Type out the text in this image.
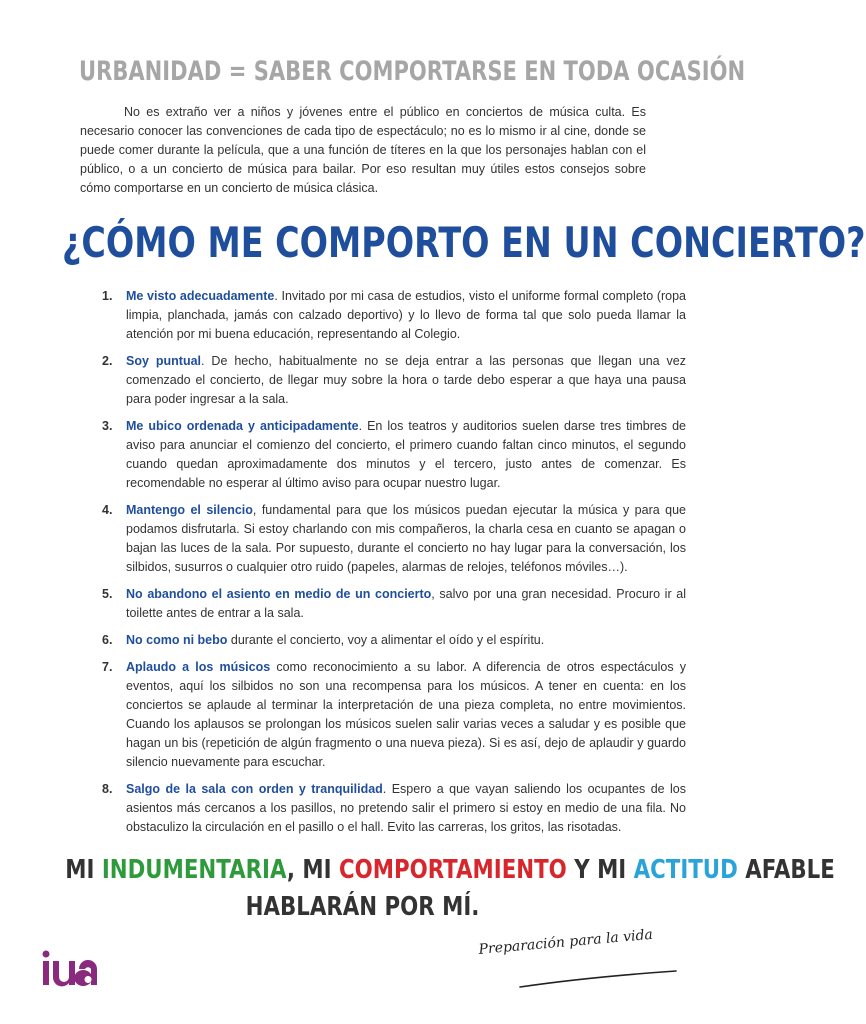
URBANIDAD = SABER COMPORTARSE EN TODA OCASIÓN

No es extraño ver a niños y jóvenes entre el público en conciertos de música culta. Es necesario conocer las convenciones de cada tipo de espectáculo; no es lo mismo ir al cine, donde se puede comer durante la película, que a una función de títeres en la que los personajes hablan con el público, o a un concierto de música para bailar. Por eso resultan muy útiles estos consejos sobre cómo comportarse en un concierto de música clásica.

¿CÓMO ME COMPORTO EN UN CONCIERTO?
1. Me visto adecuadamente. Invitado por mi casa de estudios, visto el uniforme formal completo (ropa limpia, planchada, jamás con calzado deportivo) y lo llevo de forma tal que solo pueda llamar la atención por mi buena educación, representando al Colegio.
2. Soy puntual. De hecho, habitualmente no se deja entrar a las personas que llegan una vez comenzado el concierto, de llegar muy sobre la hora o tarde debo esperar a que haya una pausa para poder ingresar a la sala.
3. Me ubico ordenada y anticipadamente. En los teatros y auditorios suelen darse tres timbres de aviso para anunciar el comienzo del concierto, el primero cuando faltan cinco minutos, el segundo cuando quedan aproximadamente dos minutos y el tercero, justo antes de comenzar. Es recomendable no esperar al último aviso para ocupar nuestro lugar.
4. Mantengo el silencio, fundamental para que los músicos puedan ejecutar la música y para que podamos disfrutarla. Si estoy charlando con mis compañeros, la charla cesa en cuanto se apagan o bajan las luces de la sala. Por supuesto, durante el concierto no hay lugar para la conversación, los silbidos, susurros o cualquier otro ruido (papeles, alarmas de relojes, teléfonos móviles…).
5. No abandono el asiento en medio de un concierto, salvo por una gran necesidad. Procuro ir al toilette antes de entrar a la sala.
6. No como ni bebo durante el concierto, voy a alimentar el oído y el espíritu.
7. Aplaudo a los músicos como reconocimiento a su labor. A diferencia de otros espectáculos y eventos, aquí los silbidos no son una recompensa para los músicos. A tener en cuenta: en los conciertos se aplaude al terminar la interpretación de una pieza completa, no entre movimientos. Cuando los aplausos se prolongan los músicos suelen salir varias veces a saludar y es posible que hagan un bis (repetición de algún fragmento o una nueva pieza). Si es así, dejo de aplaudir y guardo silencio nuevamente para escuchar.
8. Salgo de la sala con orden y tranquilidad. Espero a que vayan saliendo los ocupantes de los asientos más cercanos a los pasillos, no pretendo salir el primero si estoy en medio de una fila. No obstaculizo la circulación en el pasillo o el hall. Evito las carreras, los gritos, las risotadas.
MI INDUMENTARIA, MI COMPORTAMIENTO Y MI ACTITUD AFABLE
HABLARÁN POR MÍ.
Preparación para la vida
